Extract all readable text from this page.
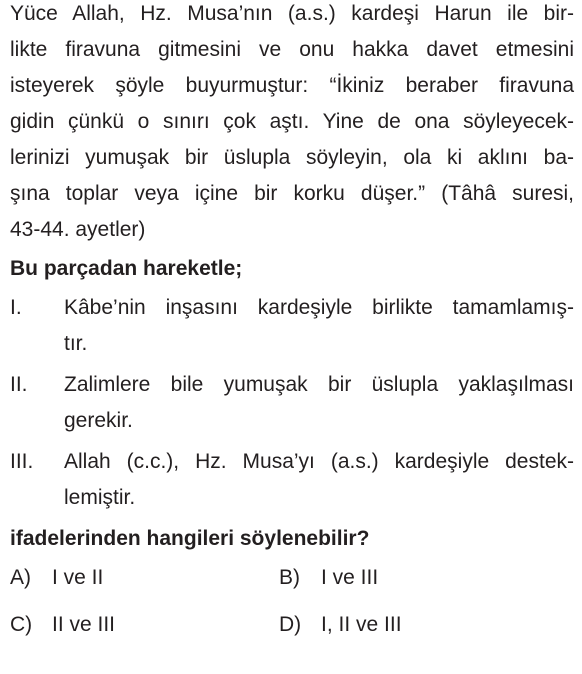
Yüce Allah, Hz. Musa’nın (a.s.) kardeşi Harun ile bir-
likte firavuna gitmesini ve onu hakka davet etmesini
isteyerek şöyle buyurmuştur: “İkiniz beraber firavuna
gidin çünkü o sınırı çok aştı. Yine de ona söyleyecek-
lerinizi yumuşak bir üslupla söyleyin, ola ki aklını ba-
şına toplar veya içine bir korku düşer.” (Tâhâ suresi,
43-44. ayetler)
Bu parçadan hareketle;
I. Kâbe’nin inşasını kardeşiyle birlikte tamamlamış-
tır.
II. Zalimlere bile yumuşak bir üslupla yaklaşılması
gerekir.
III. Allah (c.c.), Hz. Musa’yı (a.s.) kardeşiyle destek-
lemiştir.
ifadelerinden hangileri söylenebilir?
A) I ve II	B) I ve III
C) II ve III	D) I, II ve III
